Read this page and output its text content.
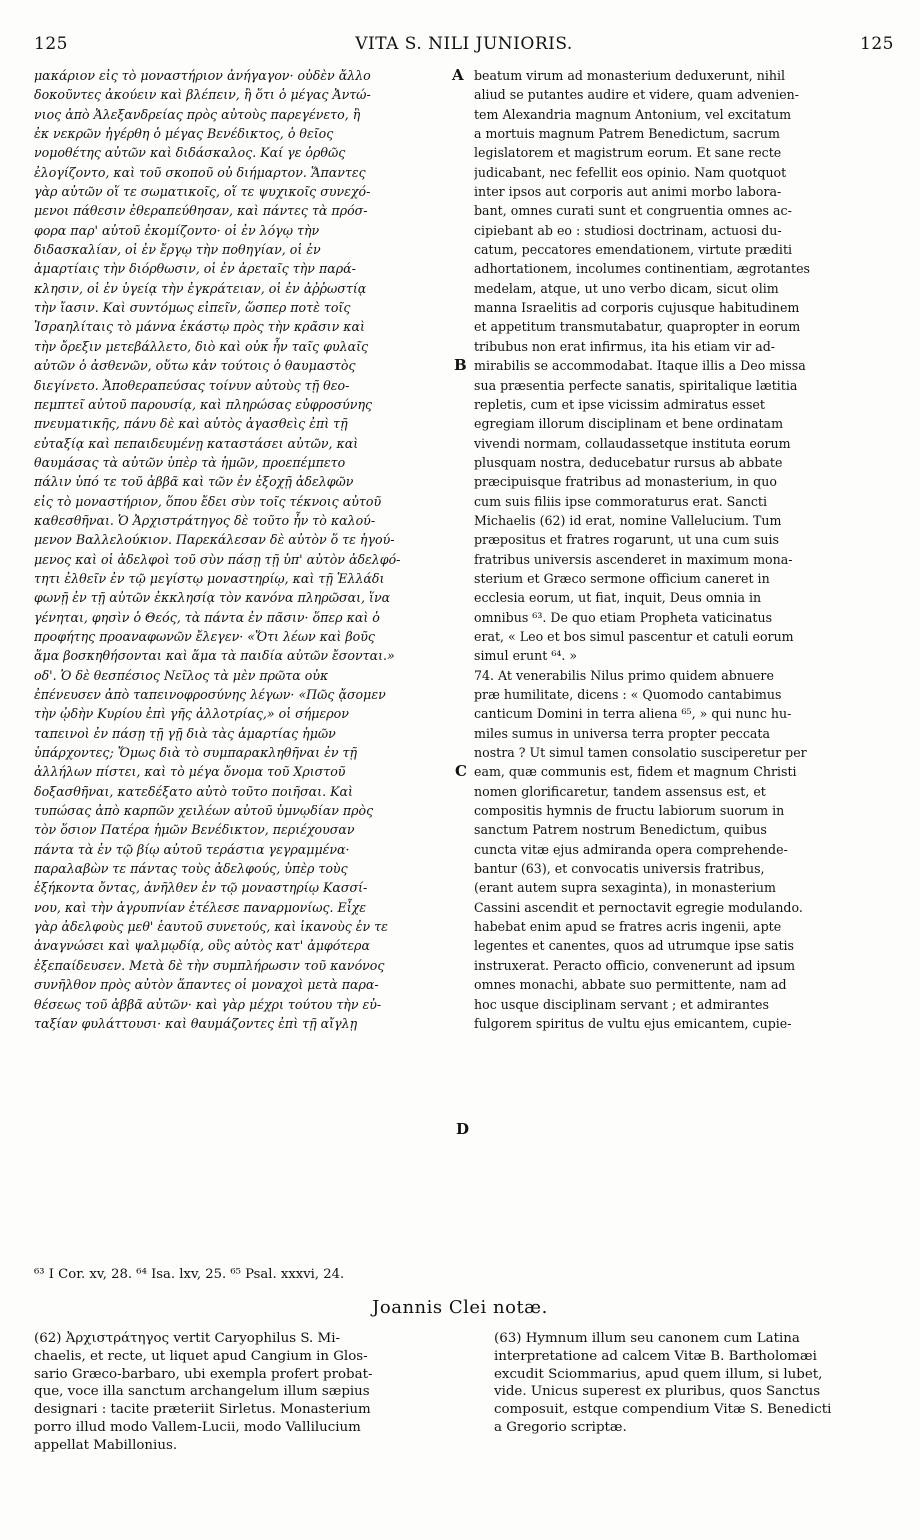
125	VITA S. NILI JUNIORIS.	125
μακάριον εἰς τὸ μοναστήριον ἀνήγαγον· οὐδὲν ἄλλο
δοκοῦντες ἀκούειν καὶ βλέπειν, ἢ ὅτι ὁ μέγας Ἀντώ-
νιος ἀπὸ Ἀλεξανδρείας πρὸς αὐτοὺς παρεγένετο, ἢ
ἐκ νεκρῶν ἠγέρθη ὁ μέγας Βενέδικτος, ὁ θεῖος
νομοθέτης αὐτῶν καὶ διδάσκαλος. Καί γε ὀρθῶς
ἐλογίζοντο, καὶ τοῦ σκοποῦ οὐ διήμαρτον. Ἅπαντες
γὰρ αὐτῶν οἵ τε σωματικοῖς, οἵ τε ψυχικοῖς συνεχό-
μενοι πάθεσιν ἐθεραπεύθησαν, καὶ πάντες τὰ πρόσ-
φορα παρ' αὐτοῦ ἐκομίζοντο· οἱ ἐν λόγῳ τὴν
διδασκαλίαν, οἱ ἐν ἔργῳ τὴν ποθηγίαν, οἱ ἐν
ἁμαρτίαις τὴν διόρθωσιν, οἱ ἐν ἀρεταῖς τὴν παρά-
κλησιν, οἱ ἐν ὑγείᾳ τὴν ἐγκράτειαν, οἱ ἐν ἀῤῥωστίᾳ
τὴν ἴασιν. Καὶ συντόμως εἰπεῖν, ὥσπερ ποτὲ τοῖς
Ἰσραηλίταις τὸ μάννα ἑκάστῳ πρὸς τὴν κρᾶσιν καὶ
τὴν ὄρεξιν μετεβάλλετο, διὸ καὶ οὐκ ἦν ταῖς φυλαῖς
αὐτῶν ὁ ἀσθενῶν, οὕτω κἀν τούτοις ὁ θαυμαστὸς
διεγίνετο. Ἀποθεραπεύσας τοίνυν αὐτοὺς τῇ θεο-
πεμπτεῖ αὐτοῦ παρουσίᾳ, καὶ πληρώσας εὐφροσύνης
πνευματικῆς, πάνυ δὲ καὶ αὐτὸς ἀγασθεὶς ἐπὶ τῇ
εὐταξίᾳ καὶ πεπαιδευμένῃ καταστάσει αὐτῶν, καὶ
θαυμάσας τὰ αὐτῶν ὑπὲρ τὰ ἡμῶν, προεπέμπετο
πάλιν ὑπό τε τοῦ ἀββᾶ καὶ τῶν ἐν ἐξοχῇ ἀδελφῶν
εἰς τὸ μοναστήριον, ὅπου ἔδει σὺν τοῖς τέκνοις αὐτοῦ
καθεσθῆναι. Ὁ Ἀρχιστράτηγος δὲ τοῦτο ἦν τὸ καλού-
μενον Βαλλελούκιον. Παρεκάλεσαν δὲ αὐτὸν ὅ τε ἡγού-
μενος καὶ οἱ ἀδελφοὶ τοῦ σὺν πάσῃ τῇ ὑπ' αὐτὸν ἀδελφό-
τητι ἐλθεῖν ἐν τῷ μεγίστῳ μοναστηρίῳ, καὶ τῇ Ἑλλάδι
φωνῇ ἐν τῇ αὐτῶν ἐκκλησίᾳ τὸν κανόνα πληρῶσαι, ἵνα
γένηται, φησὶν ὁ Θεός, τὰ πάντα ἐν πᾶσιν· ὅπερ καὶ ὁ
προφήτης προαναφωνῶν ἔλεγεν· «Ὅτι λέων καὶ βοῦς
ἅμα βοσκηθήσονται καὶ ἅμα τὰ παιδία αὐτῶν ἔσονται.»
οδ'. Ὁ δὲ θεσπέσιος Νεῖλος τὰ μὲν πρῶτα οὐκ
ἐπένευσεν ἀπὸ ταπεινοφροσύνης λέγων· «Πῶς ᾄσομεν
τὴν ᾠδὴν Κυρίου ἐπὶ γῆς ἀλλοτρίας,» οἱ σήμερον
ταπεινοὶ ἐν πάσῃ τῇ γῇ διὰ τὰς ἁμαρτίας ἡμῶν
ὑπάρχοντες; Ὅμως διὰ τὸ συμπαρακληθῆναι ἐν τῇ
ἀλλήλων πίστει, καὶ τὸ μέγα ὄνομα τοῦ Χριστοῦ
δοξασθῆναι, κατεδέξατο αὐτὸ τοῦτο ποιῆσαι. Καὶ
τυπώσας ἀπὸ καρπῶν χειλέων αὐτοῦ ὑμνῳδίαν πρὸς
τὸν ὅσιον Πατέρα ἡμῶν Βενέδικτον, περιέχουσαν
πάντα τὰ ἐν τῷ βίῳ αὐτοῦ τεράστια γεγραμμένα·
παραλαβὼν τε πάντας τοὺς ἀδελφούς, ὑπὲρ τοὺς
ἑξήκοντα ὄντας, ἀνῆλθεν ἐν τῷ μοναστηρίῳ Κασσί-
νου, καὶ τὴν ἀγρυπνίαν ἐτέλεσε παναρμονίως. Εἶχε
γὰρ ἀδελφοὺς μεθ' ἑαυτοῦ συνετούς, καὶ ἱκανοὺς ἐν τε
ἀναγνώσει καὶ ψαλμῳδίᾳ, οὓς αὐτὸς κατ' ἀμφότερα
ἐξεπαίδευσεν. Μετὰ δὲ τὴν συμπλήρωσιν τοῦ κανόνος
συνῆλθον πρὸς αὐτὸν ἅπαντες οἱ μοναχοὶ μετὰ παρα-
θέσεως τοῦ ἀββᾶ αὐτῶν· καὶ γὰρ μέχρι τούτου τὴν εὐ-
ταξίαν φυλάττουσι· καὶ θαυμάζοντες ἐπὶ τῇ αἴγλῃ
A
B
C
D
beatum virum ad monasterium deduxerunt, nihil
aliud se putantes audire et videre, quam advenien-
tem Alexandria magnum Antonium, vel excitatum
a mortuis magnum Patrem Benedictum, sacrum
legislatorem et magistrum eorum. Et sane recte
judicabant, nec fefellit eos opinio. Nam quotquot
inter ipsos aut corporis aut animi morbo labora-
bant, omnes curati sunt et congruentia omnes ac-
cipiebant ab eo : studiosi doctrinam, actuosi du-
catum, peccatores emendationem, virtute præditi
adhortationem, incolumes continentiam, ægrotantes
medelam, atque, ut uno verbo dicam, sicut olim
manna Israelitis ad corporis cujusque habitudinem
et appetitum transmutabatur, quapropter in eorum
tribubus non erat infirmus, ita his etiam vir ad-
mirabilis se accommodabat. Itaque illis a Deo missa
sua præsentia perfecte sanatis, spiritalique lætitia
repletis, cum et ipse vicissim admiratus esset
egregiam illorum disciplinam et bene ordinatam
vivendi normam, collaudassetque instituta eorum
plusquam nostra, deducebatur rursus ab abbate
præcipuisque fratribus ad monasterium, in quo
cum suis filiis ipse commoraturus erat. Sancti
Michaelis (62) id erat, nomine Vallelucium. Tum
præpositus et fratres rogarunt, ut una cum suis
fratribus universis ascenderet in maximum mona-
sterium et Græco sermone officium caneret in
ecclesia eorum, ut fiat, inquit, Deus omnia in
omnibus ⁶³. De quo etiam Propheta vaticinatus
erat, « Leo et bos simul pascentur et catuli eorum
simul erunt ⁶⁴. »
74. At venerabilis Nilus primo quidem abnuere
præ humilitate, dicens : « Quomodo cantabimus
canticum Domini in terra aliena ⁶⁵, » qui nunc hu-
miles sumus in universa terra propter peccata
nostra ? Ut simul tamen consolatio susciperetur per
eam, quæ communis est, fidem et magnum Christi
nomen glorificaretur, tandem assensus est, et
compositis hymnis de fructu labiorum suorum in
sanctum Patrem nostrum Benedictum, quibus
cuncta vitæ ejus admiranda opera comprehende-
bantur (63), et convocatis universis fratribus,
(erant autem supra sexaginta), in monasterium
Cassini ascendit et pernoctavit egregie modulando.
habebat enim apud se fratres acris ingenii, apte
legentes et canentes, quos ad utrumque ipse satis
instruxerat. Peracto officio, convenerunt ad ipsum
omnes monachi, abbate suo permittente, nam ad
hoc usque disciplinam servant ; et admirantes
fulgorem spiritus de vultu ejus emicantem, cupie-
⁶³ I Cor. xv, 28. ⁶⁴ Isa. lxv, 25. ⁶⁵ Psal. xxxvi, 24.
Joannis Clei notæ.
(62) Ἀρχιστράτηγος vertit Caryophilus S. Mi-
chaelis, et recte, ut liquet apud Cangium in Glos-
sario Græco-barbaro, ubi exempla profert probat-
que, voce illa sanctum archangelum illum sæpius
designari : tacite præteriit Sirletus. Monasterium
porro illud modo Vallem-Lucii, modo Vallilucium
appellat Mabillonius.
(63) Hymnum illum seu canonem cum Latina
interpretatione ad calcem Vitæ B. Bartholomæi
excudit Sciommarius, apud quem illum, si lubet,
vide. Unicus superest ex pluribus, quos Sanctus
composuit, estque compendium Vitæ S. Benedicti
a Gregorio scriptæ.
